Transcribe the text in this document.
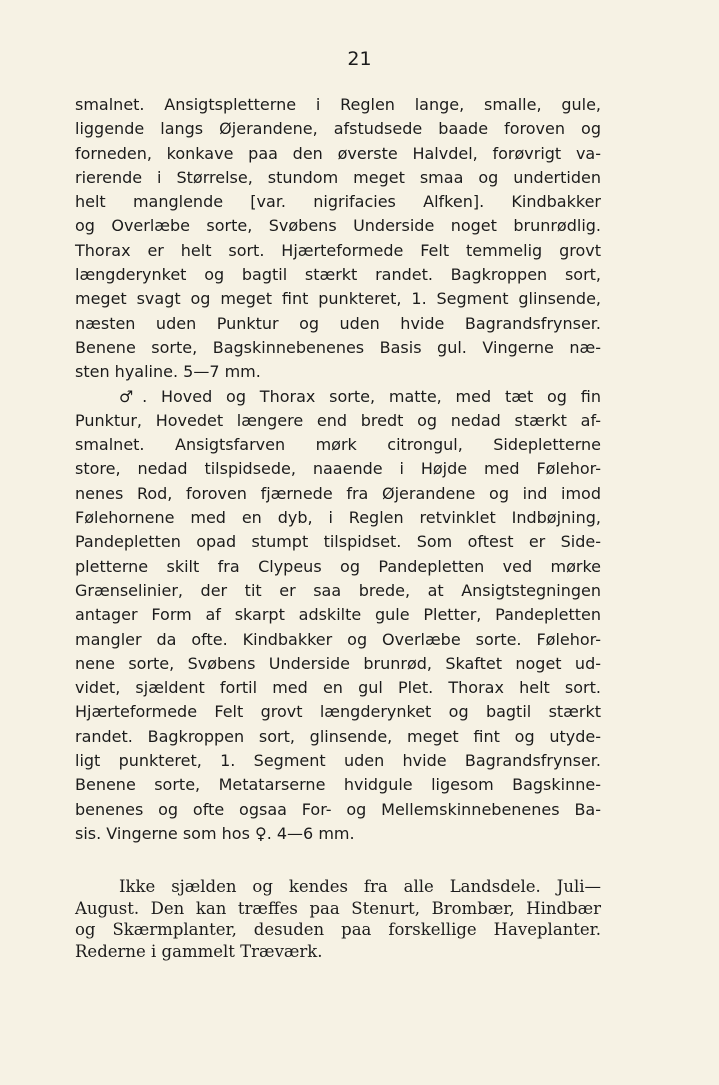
21
smalnet. Ansigtspletterne i Reglen lange, smalle, gule,
liggende langs Øjerandene, afstudsede baade foroven og
forneden, konkave paa den øverste Halvdel, forøvrigt va-
rierende i Størrelse, stundom meget smaa og undertiden
helt manglende [var. nigrifacies Alfken]. Kindbakker
og Overlæbe sorte, Svøbens Underside noget brunrødlig.
Thorax er helt sort. Hjærteformede Felt temmelig grovt
længderynket og bagtil stærkt randet. Bagkroppen sort,
meget svagt og meget fint punkteret, 1. Segment glinsende,
næsten uden Punktur og uden hvide Bagrandsfrynser.
Benene sorte, Bagskinnebenenes Basis gul. Vingerne næ-
sten hyaline. 5—7 mm.
♂. Hoved og Thorax sorte, matte, med tæt og fin
Punktur, Hovedet længere end bredt og nedad stærkt af-
smalnet. Ansigtsfarven mørk citrongul, Sidepletterne
store, nedad tilspidsede, naaende i Højde med Følehor-
nenes Rod, foroven fjærnede fra Øjerandene og ind imod
Følehornene med en dyb, i Reglen retvinklet Indbøjning,
Pandepletten opad stumpt tilspidset. Som oftest er Side-
pletterne skilt fra Clypeus og Pandepletten ved mørke
Grænselinier, der tit er saa brede, at Ansigtstegningen
antager Form af skarpt adskilte gule Pletter, Pandepletten
mangler da ofte. Kindbakker og Overlæbe sorte. Følehor-
nene sorte, Svøbens Underside brunrød, Skaftet noget ud-
videt, sjældent fortil med en gul Plet. Thorax helt sort.
Hjærteformede Felt grovt længderynket og bagtil stærkt
randet. Bagkroppen sort, glinsende, meget fint og utyde-
ligt punkteret, 1. Segment uden hvide Bagrandsfrynser.
Benene sorte, Metatarserne hvidgule ligesom Bagskinne-
benenes og ofte ogsaa For- og Mellemskinnebenenes Ba-
sis. Vingerne som hos ♀. 4—6 mm.
Ikke sjælden og kendes fra alle Landsdele. Juli—
August. Den kan træffes paa Stenurt, Brombær, Hindbær
og Skærmplanter, desuden paa forskellige Haveplanter.
Rederne i gammelt Træværk.
